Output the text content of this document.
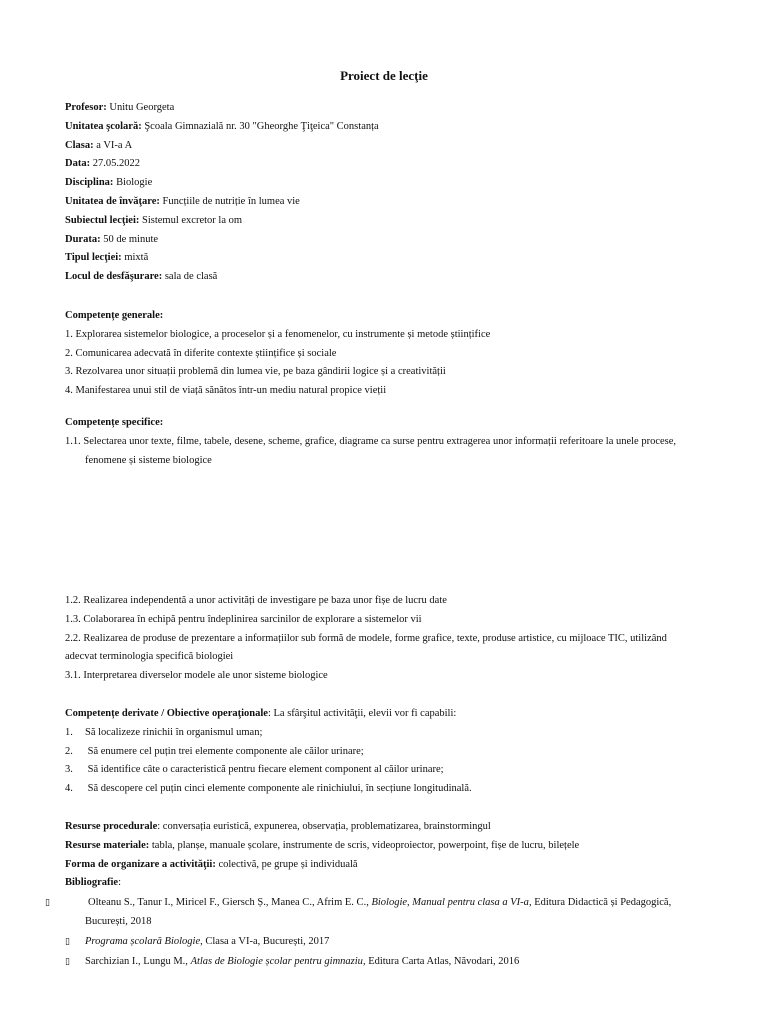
Proiect de lecţie
Profesor: Unitu Georgeta
Unitatea şcolară: Şcoala Gimnazială nr. 30 "Gheorghe Ţiţeica" Constanța
Clasa: a VI-a A
Data: 27.05.2022
Disciplina: Biologie
Unitatea de învăţare: Funcțiile de nutriție în lumea vie
Subiectul lecţiei: Sistemul excretor la om
Durata: 50 de minute
Tipul lecţiei: mixtă
Locul de desfăşurare: sala de clasă
Competențe generale:
1. Explorarea sistemelor biologice, a proceselor și a fenomenelor, cu instrumente și metode științifice
2. Comunicarea adecvată în diferite contexte științifice și sociale
3. Rezolvarea unor situații problemă din lumea vie, pe baza gândirii logice și a creativității
4. Manifestarea unui stil de viață sănătos într-un mediu natural propice vieții
Competențe specifice:
1.1. Selectarea unor texte, filme, tabele, desene, scheme, grafice, diagrame ca surse pentru extragerea unor informații referitoare la unele procese,
fenomene și sisteme biologice
1.2. Realizarea independentă a unor activități de investigare pe baza unor fișe de lucru date
1.3. Colaborarea în echipă pentru îndeplinirea sarcinilor de explorare a sistemelor vii
2.2. Realizarea de produse de prezentare a informațiilor sub formă de modele, forme grafice, texte, produse artistice, cu mijloace TIC, utilizând
adecvat terminologia specifică biologiei
3.1. Interpretarea diverselor modele ale unor sisteme biologice
Competențe derivate / Obiective operaţionale: La sfârşitul activităţii, elevii vor fi capabili:
1. Să localizeze rinichii în organismul uman;
2. Să enumere cel puțin trei elemente componente ale căilor urinare;
3. Să identifice câte o caracteristică pentru fiecare element component al căilor urinare;
4. Să descopere cel puțin cinci elemente componente ale rinichiului, în secțiune longitudinală.
Resurse procedurale: conversația euristică, expunerea, observația, problematizarea, brainstormingul
Resurse materiale: tabla, planșe, manuale școlare, instrumente de scris, videoproiector, powerpoint, fișe de lucru, bilețele
Forma de organizare a activităţii: colectivă, pe grupe și individuală
Bibliografie:
▯	Olteanu S., Tanur I., Miricel F., Giersch Ș., Manea C., Afrim E. C., Biologie, Manual pentru clasa a VI-a, Editura Didactică și Pedagogică, București, 2018
▯ Programa școlară Biologie, Clasa a VI-a, București, 2017
▯ Sarchizian I., Lungu M., Atlas de Biologie școlar pentru gimnaziu, Editura Carta Atlas, Năvodari, 2016
